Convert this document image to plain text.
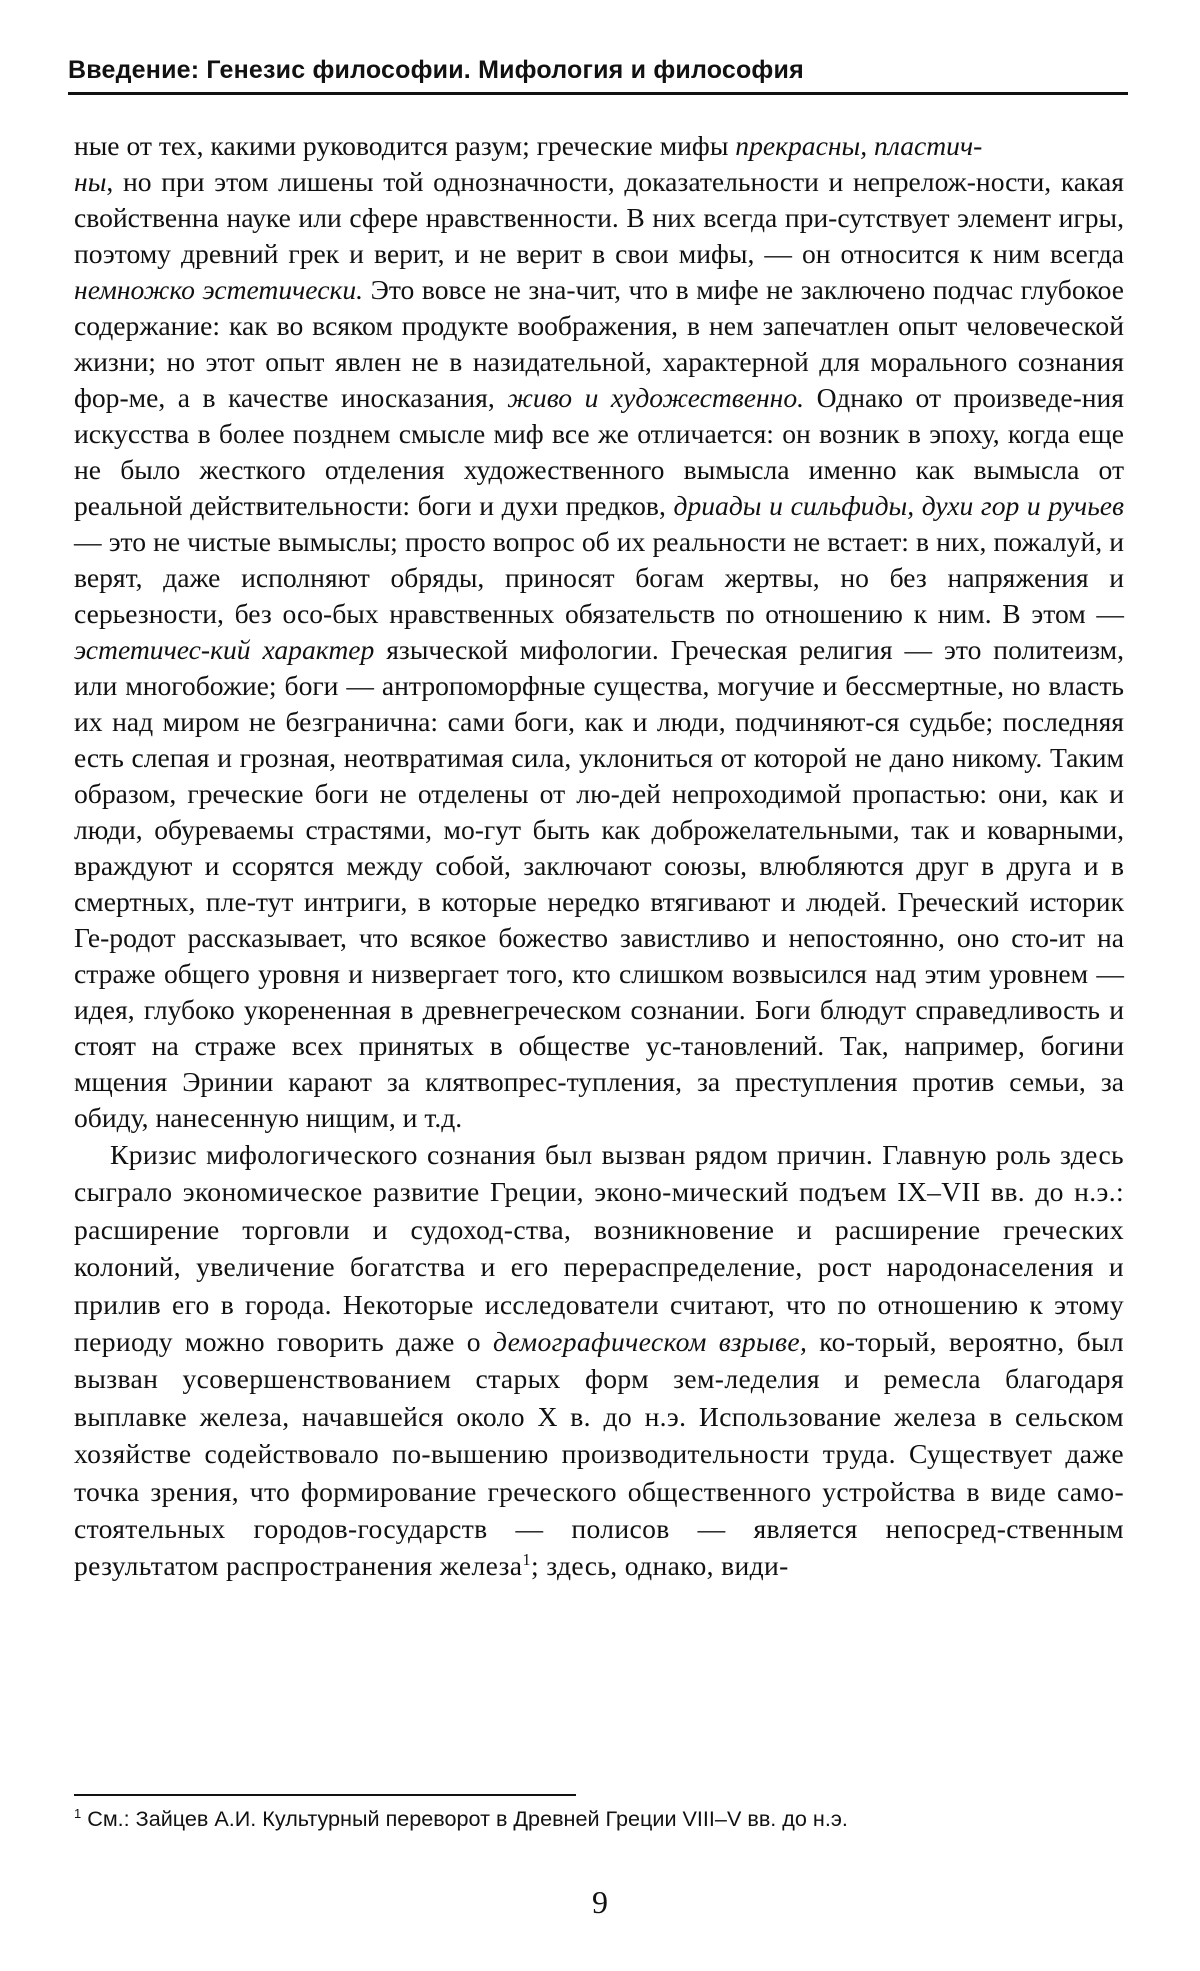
Введение: Генезис философии. Мифология и философия

ные от тех, какими руководится разум; греческие мифы прекрасны, пластич-
ны, но при этом лишены той однозначности, доказательности и непрелож-ности, какая свойственна науке или сфере нравственности. В них всегда при-сутствует элемент игры, поэтому древний грек и верит, и не верит в свои мифы, — он относится к ним всегда немножко эстетически. Это вовсе не зна-чит, что в мифе не заключено подчас глубокое содержание: как во всяком продукте воображения, в нем запечатлен опыт человеческой жизни; но этот опыт явлен не в назидательной, характерной для морального сознания фор-ме, а в качестве иносказания, живо и художественно. Однако от произведе-ния искусства в более позднем смысле миф все же отличается: он возник в эпоху, когда еще не было жесткого отделения художественного вымысла именно как вымысла от реальной действительности: боги и духи предков, дриады и сильфиды, духи гор и ручьев — это не чистые вымыслы; просто вопрос об их реальности не встает: в них, пожалуй, и верят, даже исполняют обряды, приносят богам жертвы, но без напряжения и серьезности, без осо-бых нравственных обязательств по отношению к ним. В этом — эстетичес-кий характер языческой мифологии. Греческая религия — это политеизм, или многобожие; боги — антропоморфные существа, могучие и бессмертные, но власть их над миром не безгранична: сами боги, как и люди, подчиняют-ся судьбе; последняя есть слепая и грозная, неотвратимая сила, уклониться от которой не дано никому. Таким образом, греческие боги не отделены от лю-дей непроходимой пропастью: они, как и люди, обуреваемы страстями, мо-гут быть как доброжелательными, так и коварными, враждуют и ссорятся между собой, заключают союзы, влюбляются друг в друга и в смертных, пле-тут интриги, в которые нередко втягивают и людей. Греческий историк Ге-родот рассказывает, что всякое божество завистливо и непостоянно, оно сто-ит на страже общего уровня и низвергает того, кто слишком возвысился над этим уровнем — идея, глубоко укорененная в древнегреческом сознании. Боги блюдут справедливость и стоят на страже всех принятых в обществе ус-тановлений. Так, например, богини мщения Эринии карают за клятвопрес-тупления, за преступления против семьи, за обиду, нанесенную нищим, и т.д.

Кризис мифологического сознания был вызван рядом причин. Главную роль здесь сыграло экономическое развитие Греции, эконо-мический подъем IX–VII вв. до н.э.: расширение торговли и судоход-ства, возникновение и расширение греческих колоний, увеличение богатства и его перераспределение, рост народонаселения и прилив его в города. Некоторые исследователи считают, что по отношению к этому периоду можно говорить даже о демографическом взрыве, ко-торый, вероятно, был вызван усовершенствованием старых форм зем-леделия и ремесла благодаря выплавке железа, начавшейся около X в. до н.э. Использование железа в сельском хозяйстве содействовало по-вышению производительности труда. Существует даже точка зрения, что формирование греческого общественного устройства в виде само-стоятельных городов-государств — полисов — является непосред-ственным результатом распространения железа$^1$; здесь, однако, види-

$^1$ См.: Зайцев А.И. Культурный переворот в Древней Греции VIII–V вв. до н.э.
9
